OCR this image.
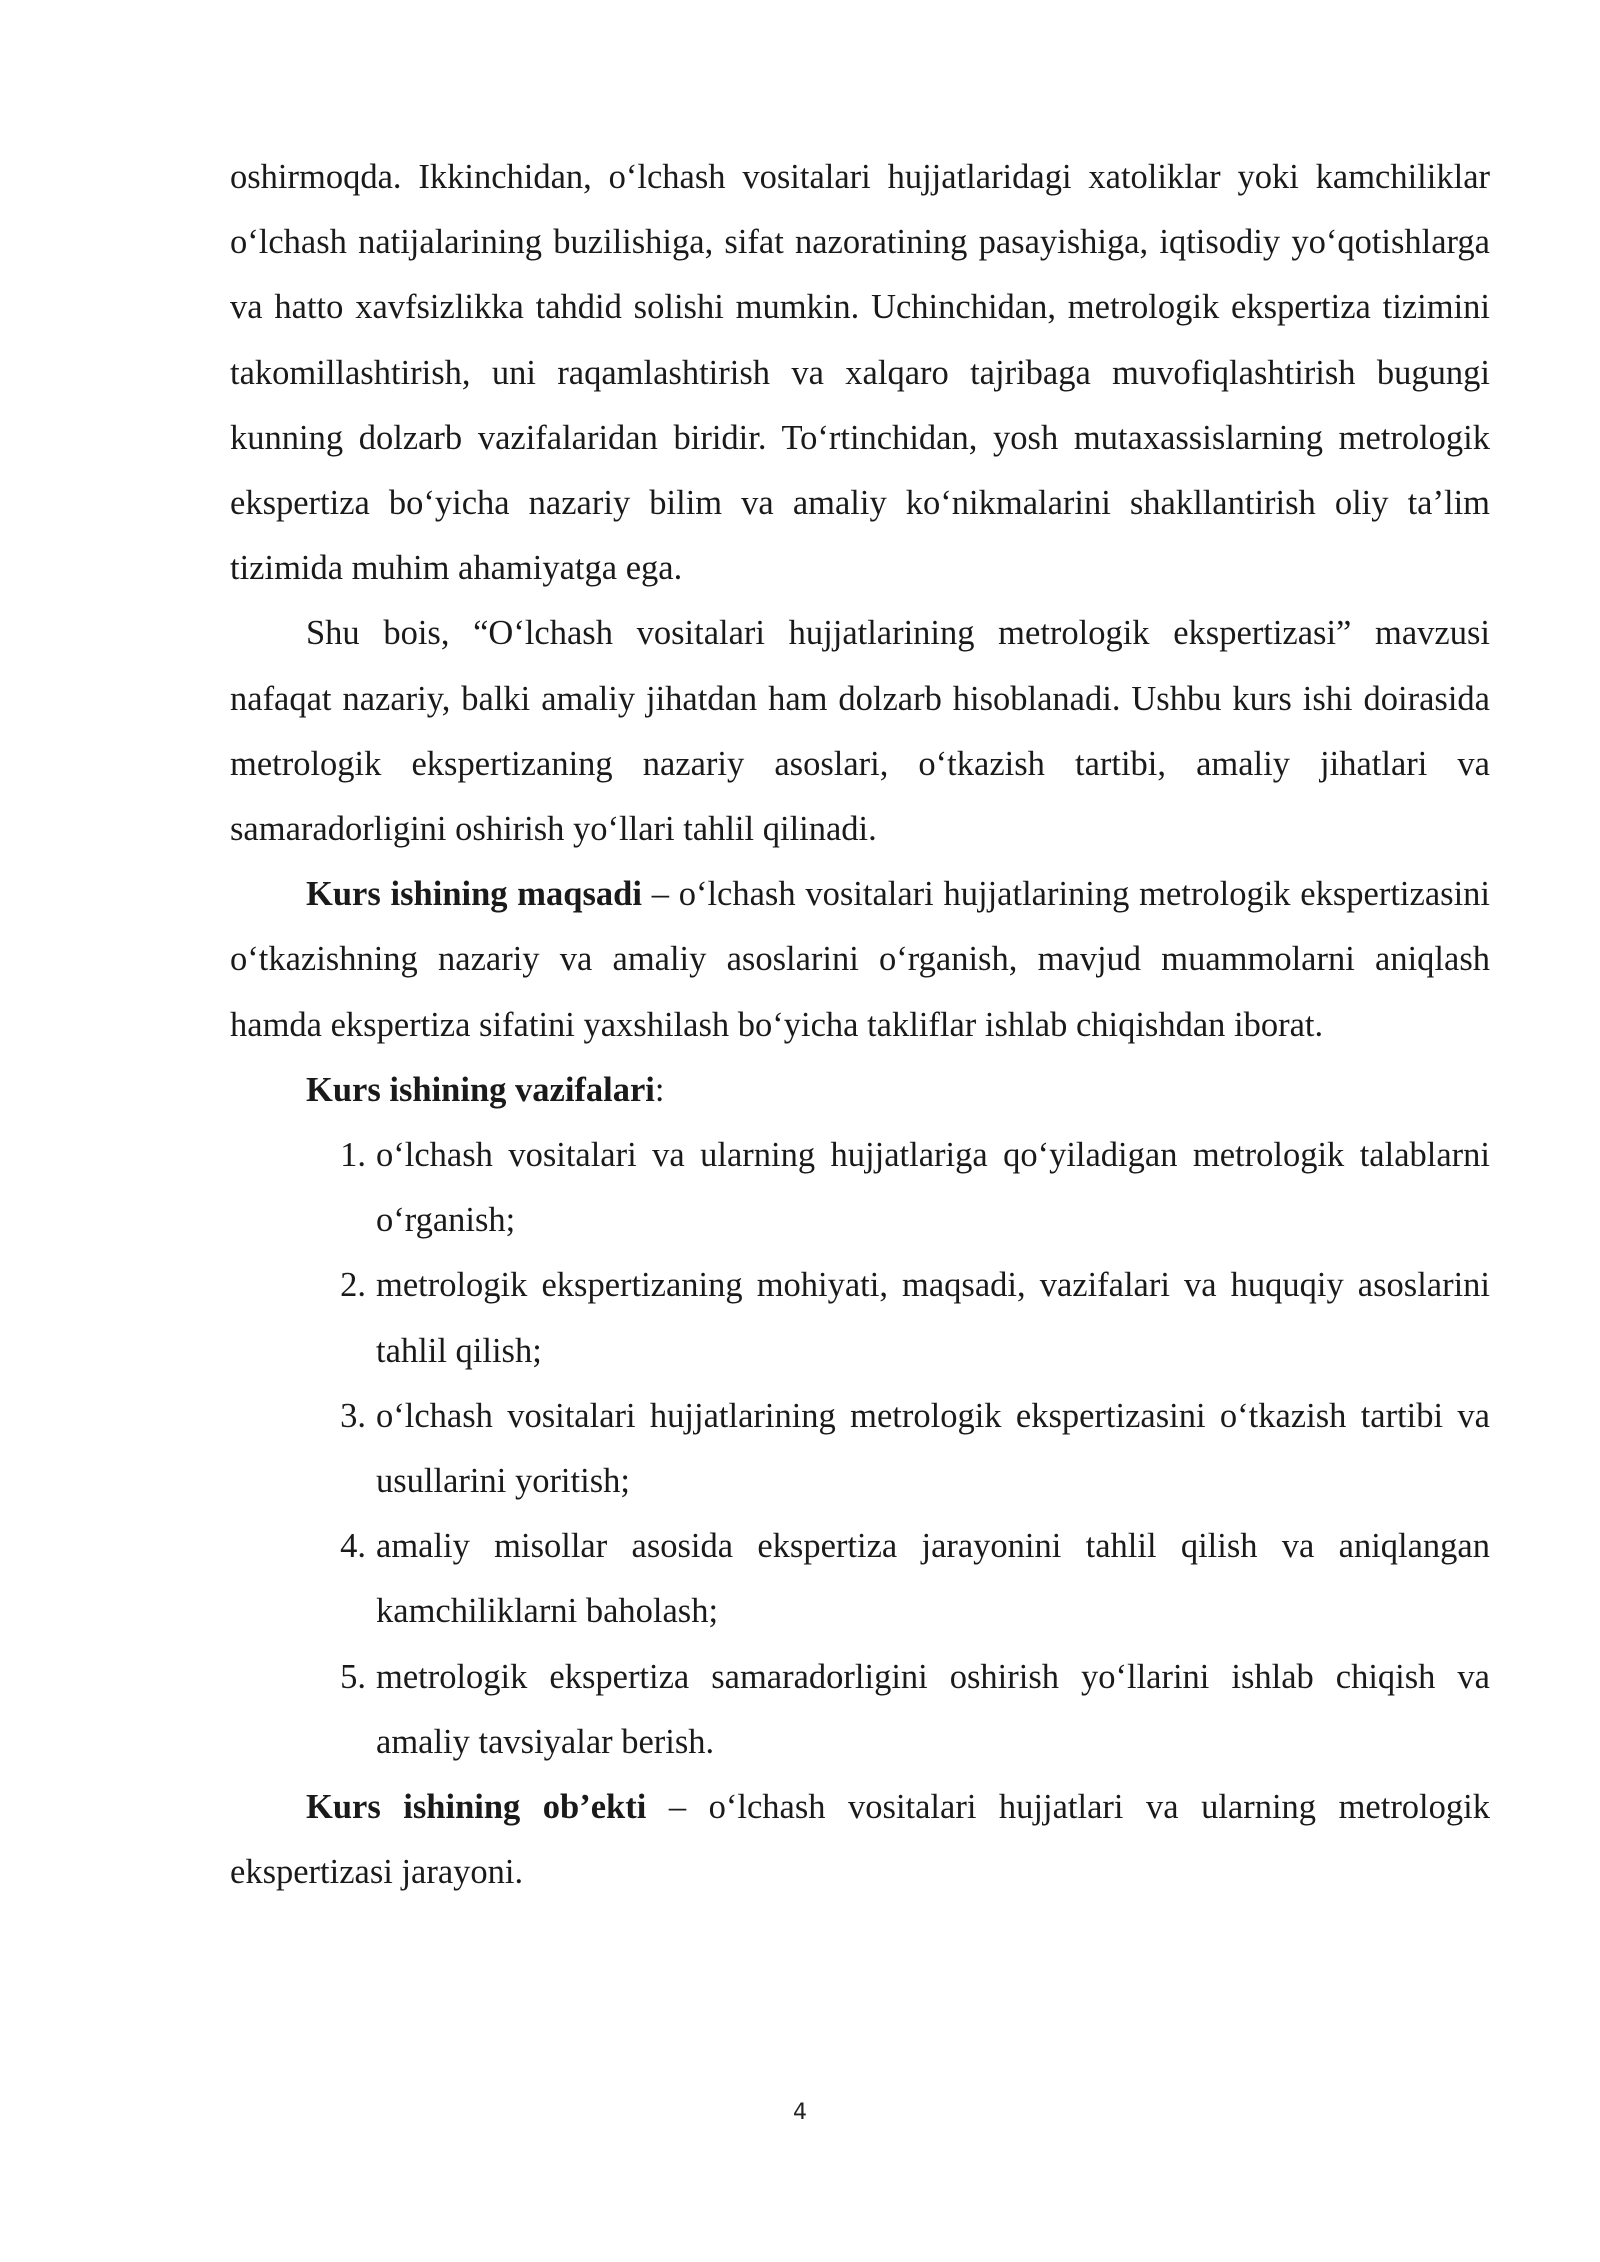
oshirmoqda. Ikkinchidan, o‘lchash vositalari hujjatlaridagi xatoliklar yoki kamchiliklar o‘lchash natijalarining buzilishiga, sifat nazoratining pasayishiga, iqtisodiy yo‘qotishlarga va hatto xavfsizlikka tahdid solishi mumkin. Uchinchidan, metrologik ekspertiza tizimini takomillashtirish, uni raqamlashtirish va xalqaro tajribaga muvofiqlashtirish bugungi kunning dolzarb vazifalaridan biridir. To‘rtinchidan, yosh mutaxassislarning metrologik ekspertiza bo‘yicha nazariy bilim va amaliy ko‘nikmalarini shakllantirish oliy ta’lim tizimida muhim ahamiyatga ega.

Shu bois, “O‘lchash vositalari hujjatlarining metrologik ekspertizasi” mavzusi nafaqat nazariy, balki amaliy jihatdan ham dolzarb hisoblanadi. Ushbu kurs ishi doirasida metrologik ekspertizaning nazariy asoslari, o‘tkazish tartibi, amaliy jihatlari va samaradorligini oshirish yo‘llari tahlil qilinadi.

Kurs ishining maqsadi – o‘lchash vositalari hujjatlarining metrologik ekspertizasini o‘tkazishning nazariy va amaliy asoslarini o‘rganish, mavjud muammolarni aniqlash hamda ekspertiza sifatini yaxshilash bo‘yicha takliflar ishlab chiqishdan iborat.

Kurs ishining vazifalari:

1. o‘lchash vositalari va ularning hujjatlariga qo‘yiladigan metrologik talablarni o‘rganish;
2. metrologik ekspertizaning mohiyati, maqsadi, vazifalari va huquqiy asoslarini tahlil qilish;
3. o‘lchash vositalari hujjatlarining metrologik ekspertizasini o‘tkazish tartibi va usullarini yoritish;
4. amaliy misollar asosida ekspertiza jarayonini tahlil qilish va aniqlangan kamchiliklarni baholash;
5. metrologik ekspertiza samaradorligini oshirish yo‘llarini ishlab chiqish va amaliy tavsiyalar berish.

Kurs ishining ob’ekti – o‘lchash vositalari hujjatlari va ularning metrologik ekspertizasi jarayoni.

4
